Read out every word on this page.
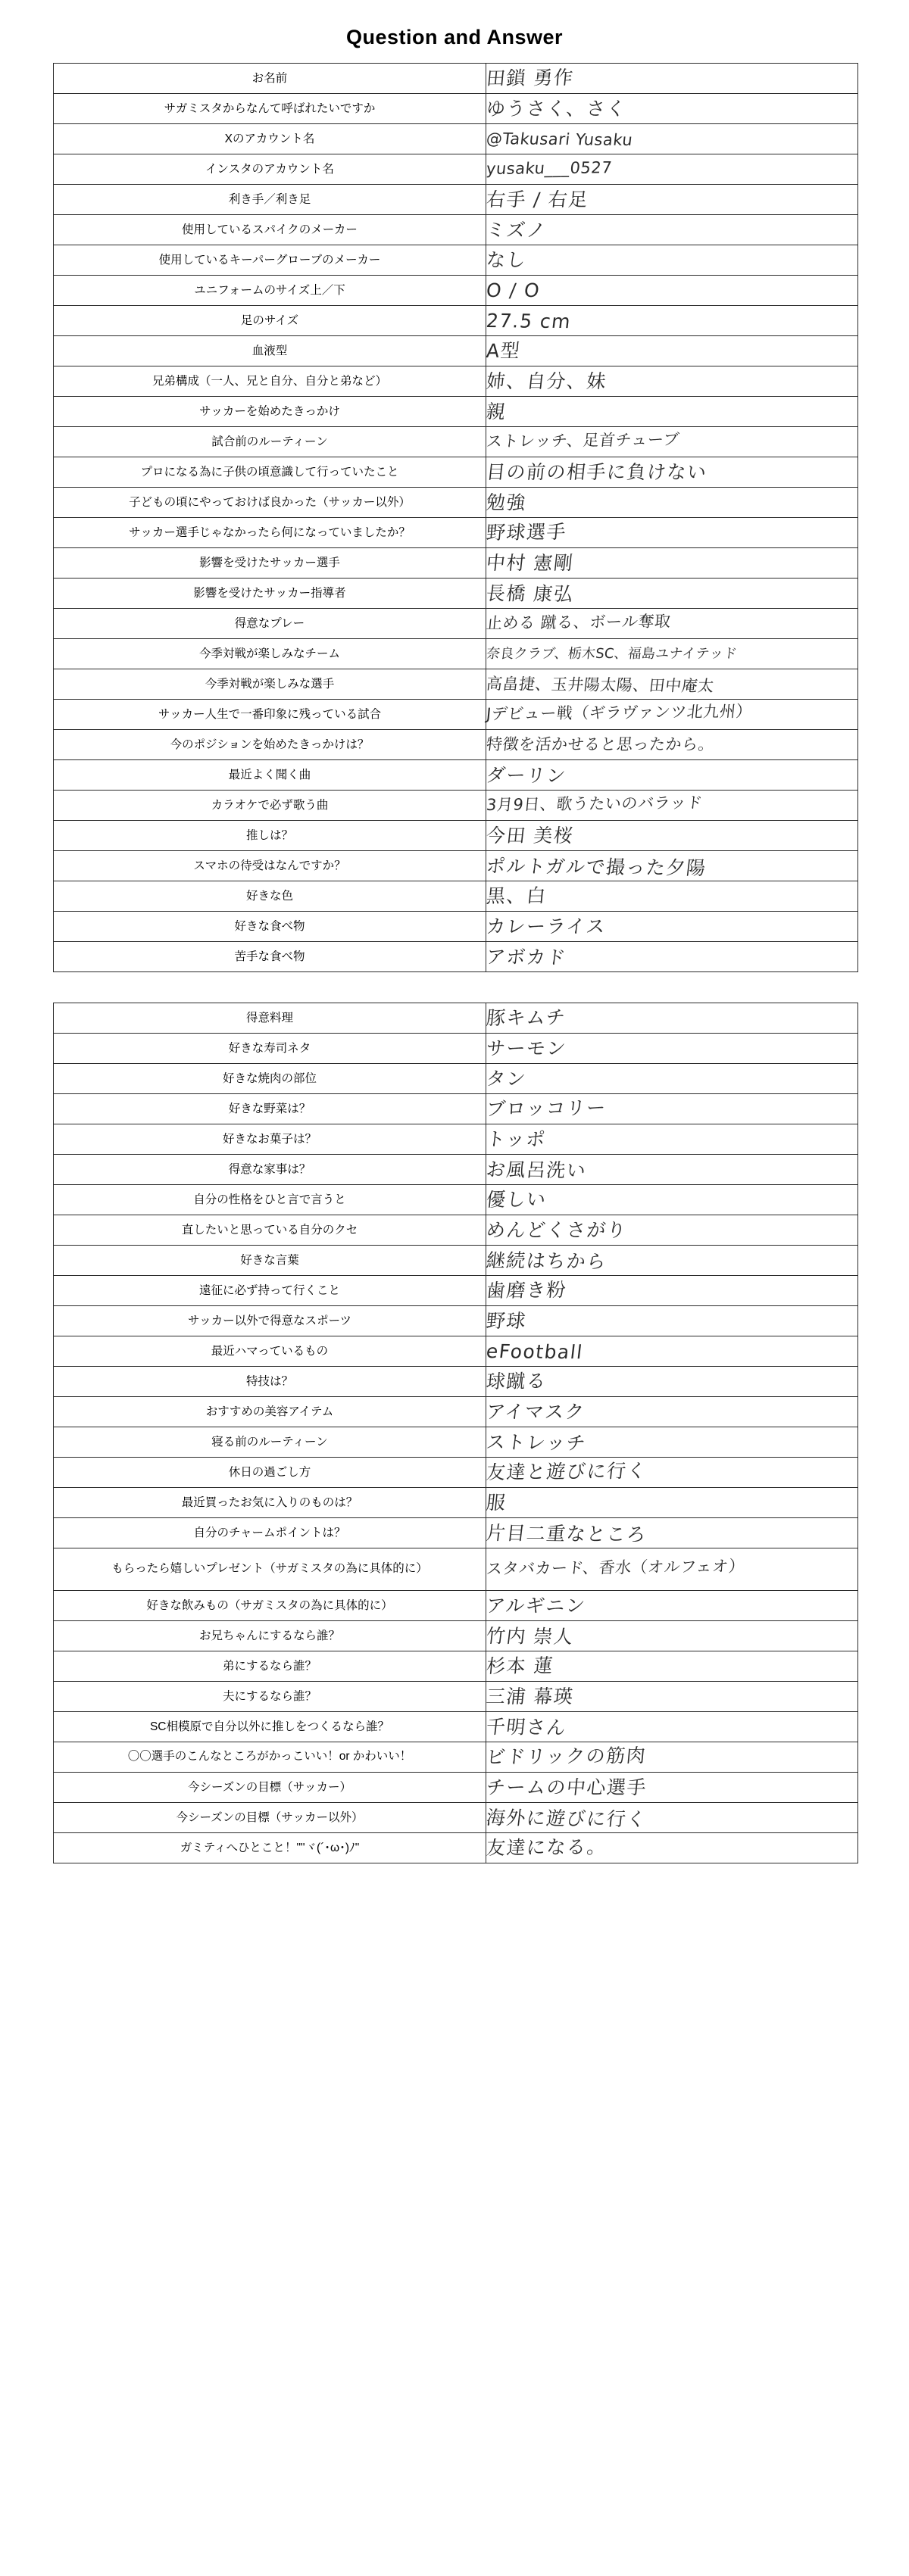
Question and Answer
お名前	田鎖 勇作

サガミスタからなんて呼ばれたいですか	ゆうさく、さく

Xのアカウント名	@Takusari Yusaku

インスタのアカウント名	yusaku___0527

利き手／利き足	右手 / 右足

使用しているスパイクのメーカー	ミズノ

使用しているキーパーグローブのメーカー	なし

ユニフォームのサイズ上／下	O / O

足のサイズ	27.5 cm

血液型	A型

兄弟構成（一人、兄と自分、自分と弟など）	姉、自分、妹

サッカーを始めたきっかけ	親

試合前のルーティーン	ストレッチ、足首チューブ

プロになる為に子供の頃意識して行っていたこと	目の前の相手に負けない

子どもの頃にやっておけば良かった（サッカー以外）	勉強

サッカー選手じゃなかったら何になっていましたか？	野球選手

影響を受けたサッカー選手	中村 憲剛

影響を受けたサッカー指導者	長橋 康弘

得意なプレー	止める 蹴る、ボール奪取

今季対戦が楽しみなチーム	奈良クラブ、栃木SC、福島ユナイテッド

今季対戦が楽しみな選手	高畠捷、玉井陽太陽、田中庵太

サッカー人生で一番印象に残っている試合	Jデビュー戦（ギラヴァンツ北九州）

今のポジションを始めたきっかけは？	特徴を活かせると思ったから。

最近よく聞く曲	ダーリン

カラオケで必ず歌う曲	3月9日、歌うたいのバラッド

推しは？	今田 美桜

スマホの待受はなんですか？	ポルトガルで撮った夕陽

好きな色	黒、白

好きな食べ物	カレーライス

苦手な食べ物	アボカド
得意料理	豚キムチ

好きな寿司ネタ	サーモン

好きな焼肉の部位	タン

好きな野菜は？	ブロッコリー

好きなお菓子は？	トッポ

得意な家事は？	お風呂洗い

自分の性格をひと言で言うと	優しい

直したいと思っている自分のクセ	めんどくさがり

好きな言葉	継続はちから

遠征に必ず持って行くこと	歯磨き粉

サッカー以外で得意なスポーツ	野球

最近ハマっているもの	eFootball

特技は？	球蹴る

おすすめの美容アイテム	アイマスク

寝る前のルーティーン	ストレッチ

休日の過ごし方	友達と遊びに行く

最近買ったお気に入りのものは？	服

自分のチャームポイントは？	片目二重なところ

もらったら嬉しいプレゼント（サガミスタの為に具体的に）	スタバカード、香水（オルフェオ）

好きな飲みもの（サガミスタの為に具体的に）	アルギニン

お兄ちゃんにするなら誰？	竹内 崇人

弟にするなら誰？	杉本 蓮

夫にするなら誰？	三浦 幕瑛

SC相模原で自分以外に推しをつくるなら誰？	千明さん

〇〇選手のこんなところがかっこいい！or かわいい！	ビドリックの筋肉

今シーズンの目標（サッカー）	チームの中心選手

今シーズンの目標（サッカー以外）	海外に遊びに行く

ガミティへひとこと！""ヾ(´･ω･)ﾉ"	友達になる。
